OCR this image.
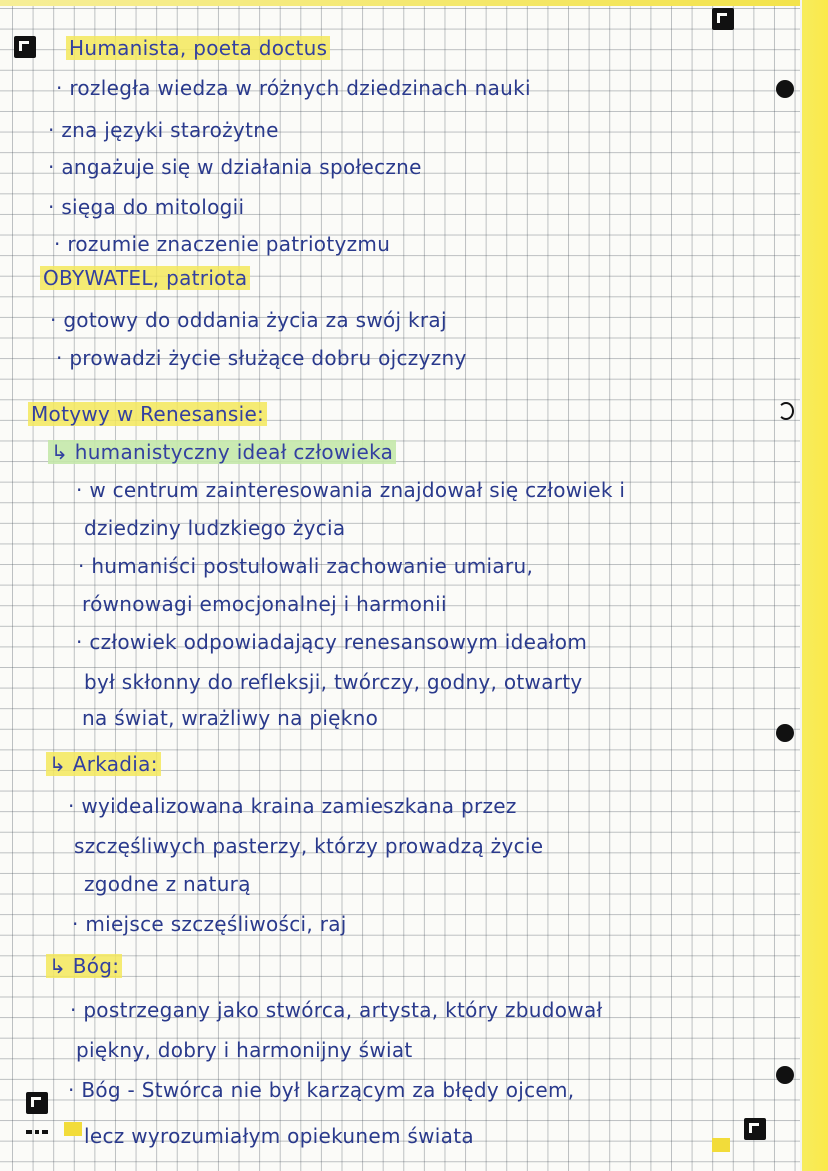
Humanista, poeta doctus
· rozległa wiedza w różnych dziedzinach nauki
· zna języki starożytne
· angażuje się w działania społeczne
· sięga do mitologii
· rozumie znaczenie patriotyzmu
OBYWATEL, patriota
· gotowy do oddania życia za swój kraj
· prowadzi życie służące dobru ojczyzny
Motywy w Renesansie:
↳ humanistyczny ideał człowieka
· w centrum zainteresowania znajdował się człowiek i
dziedziny ludzkiego życia
· humaniści postulowali zachowanie umiaru,
równowagi emocjonalnej i harmonii
· człowiek odpowiadający renesansowym ideałom
był skłonny do refleksji, twórczy, godny, otwarty
na świat, wrażliwy na piękno
↳ Arkadia:
· wyidealizowana kraina zamieszkana przez
szczęśliwych pasterzy, którzy prowadzą życie
zgodne z naturą
· miejsce szczęśliwości, raj
↳ Bóg:
· postrzegany jako stwórca, artysta, który zbudował
piękny, dobry i harmonijny świat
· Bóg - Stwórca nie był karzącym za błędy ojcem,
lecz wyrozumiałym opiekunem świata
